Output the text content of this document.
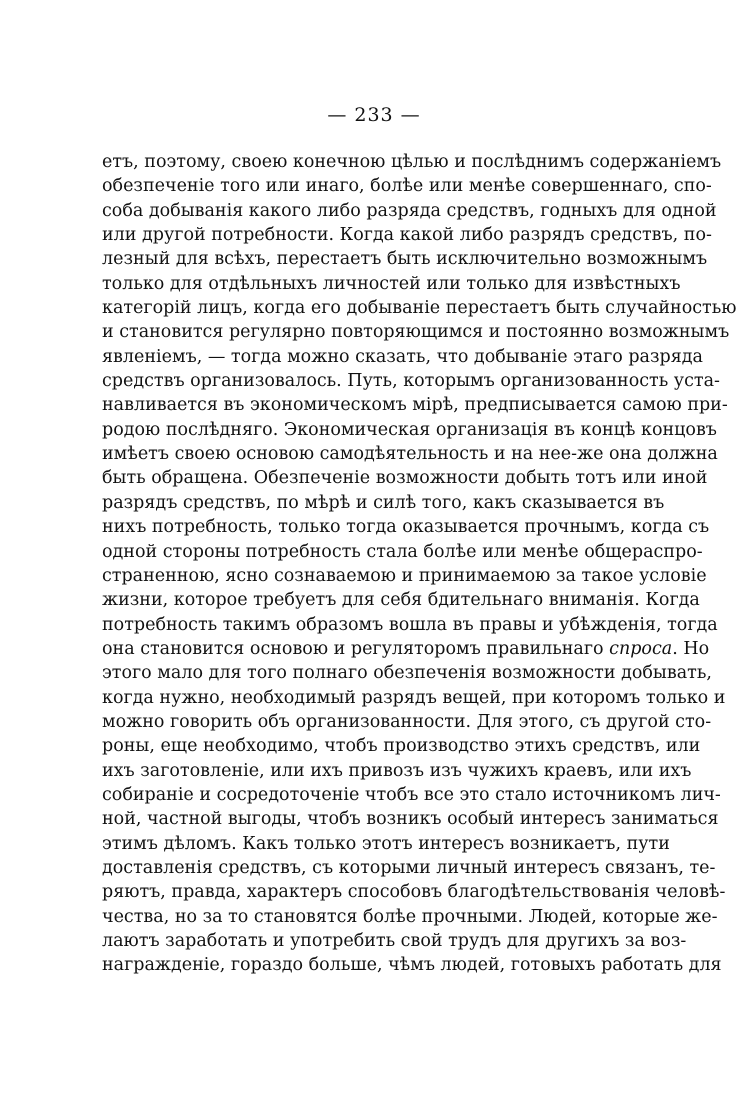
— 233 —
етъ, поэтому, своею конечною цѣлью и послѣднимъ содержанiемъ
обезпеченiе того или инаго, болѣе или менѣе совершеннаго, спо-
соба добыванiя какого либо разряда средствъ, годныхъ для одной
или другой потребности. Когда какой либо разрядъ средствъ, по-
лезный для всѣхъ, перестаетъ быть исключительно возможнымъ
только для отдѣльныхъ личностей или только для извѣстныхъ
категорiй лицъ, когда его добыванiе перестаетъ быть случайностью
и становится регулярно повторяющимся и постоянно возможнымъ
явленiемъ, — тогда можно сказать, что добыванiе этаго разряда
средствъ организовалось. Путь, которымъ организованность уста-
навливается въ экономическомъ мiрѣ, предписывается самою при-
родою послѣдняго. Экономическая организацiя въ концѣ концовъ
имѣетъ своею основою самодѣятельность и на нее-же она должна
быть обращена. Обезпеченiе возможности добыть тотъ или иной
разрядъ средствъ, по мѣрѣ и силѣ того, какъ сказывается въ
нихъ потребность, только тогда оказывается прочнымъ, когда съ
одной стороны потребность стала болѣе или менѣе общераспро-
страненною, ясно сознаваемою и принимаемою за такое условiе
жизни, которое требуетъ для себя бдительнаго вниманiя. Когда
потребность такимъ образомъ вошла въ правы и убѣжденiя, тогда
она становится основою и регуляторомъ правильнаго спроса. Но
этого мало для того полнаго обезпеченiя возможности добывать,
когда нужно, необходимый разрядъ вещей, при которомъ только и
можно говорить объ организованности. Для этого, съ другой сто-
роны, еще необходимо, чтобъ производство этихъ средствъ, или
ихъ заготовленiе, или ихъ привозъ изъ чужихъ краевъ, или ихъ
собиранiе и сосредоточенiе чтобъ все это стало источникомъ лич-
ной, частной выгоды, чтобъ возникъ особый интересъ заниматься
этимъ дѣломъ. Какъ только этотъ интересъ возникаетъ, пути
доставленiя средствъ, съ которыми личный интересъ связанъ, те-
ряютъ, правда, характеръ способовъ благодѣтельствованiя человѣ-
чества, но за то становятся болѣе прочными. Людей, которые же-
лаютъ заработать и употребить свой трудъ для другихъ за воз-
награжденiе, гораздо больше, чѣмъ людей, готовыхъ работать для
